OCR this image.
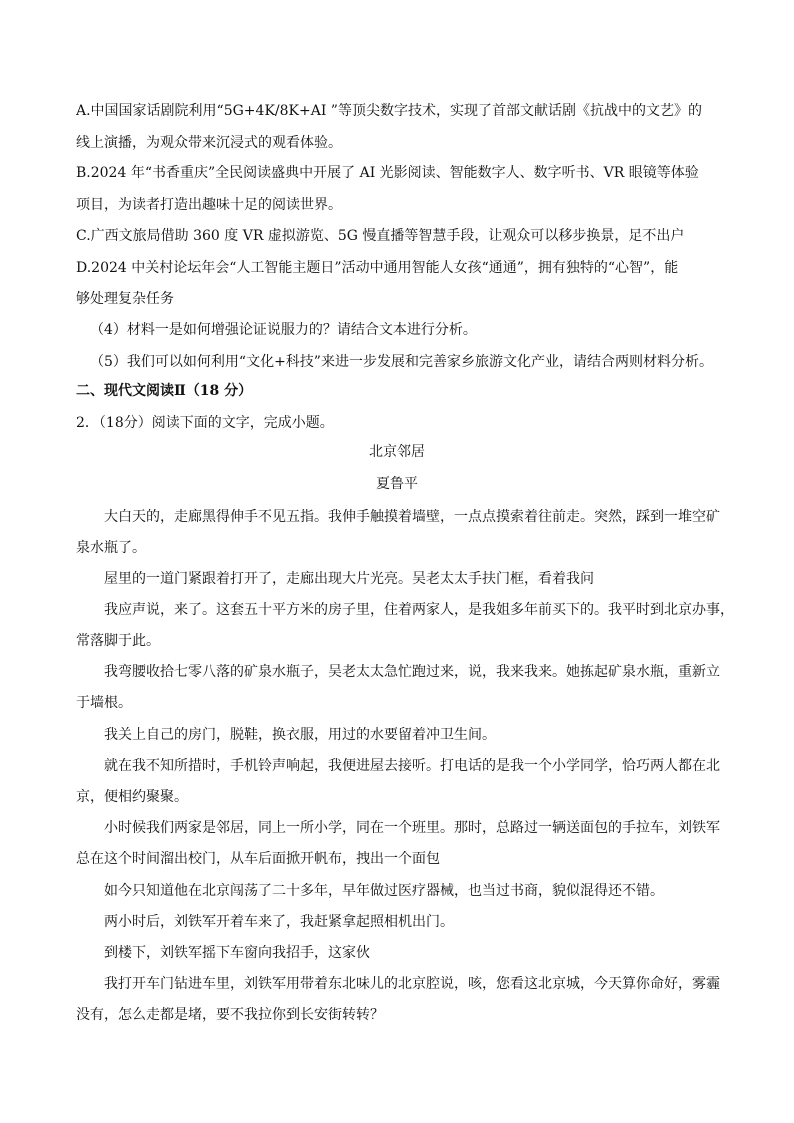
A.中国国家话剧院利用“5G+4K/8K+AI ”等顶尖数字技术，实现了首部文献话剧《抗战中的文艺》的
线上演播，为观众带来沉浸式的观看体验。
B.2024 年“书香重庆”全民阅读盛典中开展了 AI 光影阅读、智能数字人、数字听书、VR 眼镜等体验
项目，为读者打造出趣味十足的阅读世界。
C.广西文旅局借助 360 度 VR 虚拟游览、5G 慢直播等智慧手段，让观众可以移步换景，足不出户
D.2024 中关村论坛年会“人工智能主题日”活动中通用智能人女孩“通通”，拥有独特的“心智”，能
够处理复杂任务
（4）材料一是如何增强论证说服力的？请结合文本进行分析。
（5）我们可以如何利用“文化+科技”来进一步发展和完善家乡旅游文化产业，请结合两则材料分析。
二、现代文阅读Ⅱ（18 分）
2．（18分）阅读下面的文字，完成小题。
北京邻居
夏鲁平
大白天的，走廊黑得伸手不见五指。我伸手触摸着墙壁，一点点摸索着往前走。突然，踩到一堆空矿
泉水瓶了。
屋里的一道门紧跟着打开了，走廊出现大片光亮。吴老太太手扶门框，看着我问
我应声说，来了。这套五十平方米的房子里，住着两家人，是我姐多年前买下的。我平时到北京办事，
常落脚于此。
我弯腰收拾七零八落的矿泉水瓶子，吴老太太急忙跑过来，说，我来我来。她拣起矿泉水瓶，重新立
于墙根。
我关上自己的房门，脱鞋，换衣服，用过的水要留着冲卫生间。
就在我不知所措时，手机铃声响起，我便进屋去接听。打电话的是我一个小学同学，恰巧两人都在北
京，便相约聚聚。
小时候我们两家是邻居，同上一所小学，同在一个班里。那时，总路过一辆送面包的手拉车，刘铁军
总在这个时间溜出校门，从车后面掀开帆布，拽出一个面包
如今只知道他在北京闯荡了二十多年，早年做过医疗器械，也当过书商，貌似混得还不错。
两小时后，刘铁军开着车来了，我赶紧拿起照相机出门。
到楼下，刘铁军摇下车窗向我招手，这家伙
我打开车门钻进车里，刘铁军用带着东北味儿的北京腔说，咳，您看这北京城，今天算你命好，雾霾
没有，怎么走都是堵，要不我拉你到长安街转转？
